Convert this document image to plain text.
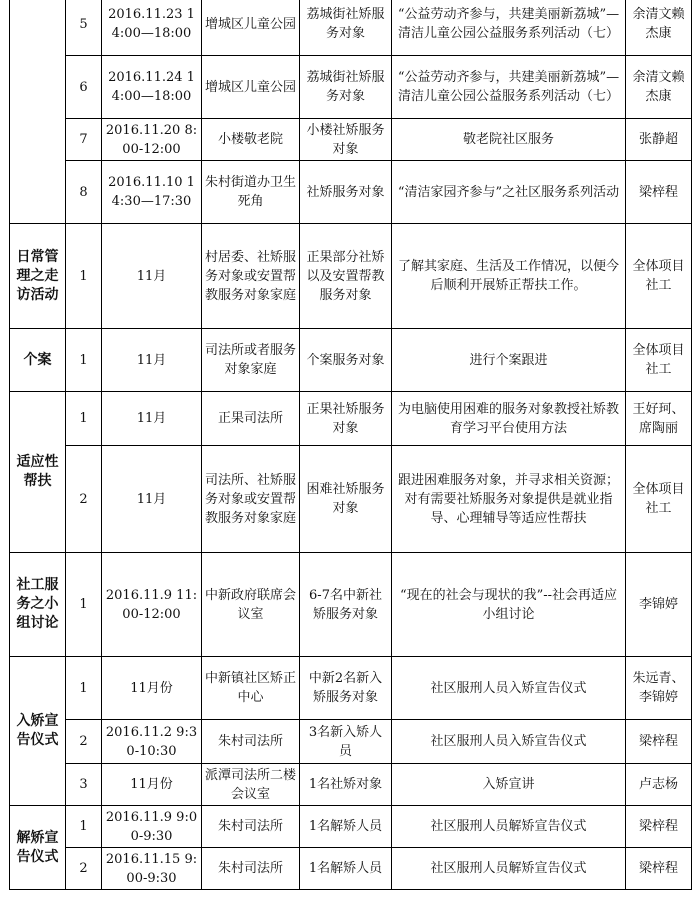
	5	2016.11.23 14:00—18:00	增城区儿童公园	荔城街社矫服务对象	“公益劳动齐参与，共建美丽新荔城”—清洁儿童公园公益服务系列活动（七）	余清文赖杰康
	6	2016.11.24 14:00—18:00	增城区儿童公园	荔城街社矫服务对象	“公益劳动齐参与，共建美丽新荔城”—清洁儿童公园公益服务系列活动（七）	余清文赖杰康
	7	2016.11.20 8:00-12:00	小楼敬老院	小楼社矫服务对象	敬老院社区服务	张静超
	8	2016.11.10 14:30—17:30	朱村街道办卫生死角	社矫服务对象	“清洁家园齐参与”之社区服务系列活动	梁梓程
日常管理之走访活动	1	11月	村居委、社矫服务对象或安置帮教服务对象家庭	正果部分社矫以及安置帮教服务对象	了解其家庭、生活及工作情况，以便今后顺利开展矫正帮扶工作。	全体项目社工
个案	1	11月	司法所或者服务对象家庭	个案服务对象	进行个案跟进	全体项目社工
适应性帮扶	1	11月	正果司法所	正果社矫服务对象	为电脑使用困难的服务对象教授社矫教育学习平台使用方法	王好珂、席陶丽
	2	11月	司法所、社矫服务对象或安置帮教服务对象家庭	困难社矫服务对象	跟进困难服务对象，并寻求相关资源；对有需要社矫服务对象提供是就业指导、心理辅导等适应性帮扶	全体项目社工
社工服务之小组讨论	1	2016.11.9 11:00-12:00	中新政府联席会议室	6-7名中新社矫服务对象	“现在的社会与现状的我”--社会再适应小组讨论	李锦婷
入矫宣告仪式	1	11月份	中新镇社区矫正中心	中新2名新入矫服务对象	社区服刑人员入矫宣告仪式	朱远青、李锦婷
	2	2016.11.2 9:30-10:30	朱村司法所	3名新入矫人员	社区服刑人员入矫宣告仪式	梁梓程
	3	11月份	派潭司法所二楼会议室	1名社矫对象	入矫宣讲	卢志杨
解矫宣告仪式	1	2016.11.9 9:00-9:30	朱村司法所	1名解矫人员	社区服刑人员解矫宣告仪式	梁梓程
	2	2016.11.15 9:00-9:30	朱村司法所	1名解矫人员	社区服刑人员解矫宣告仪式	梁梓程
